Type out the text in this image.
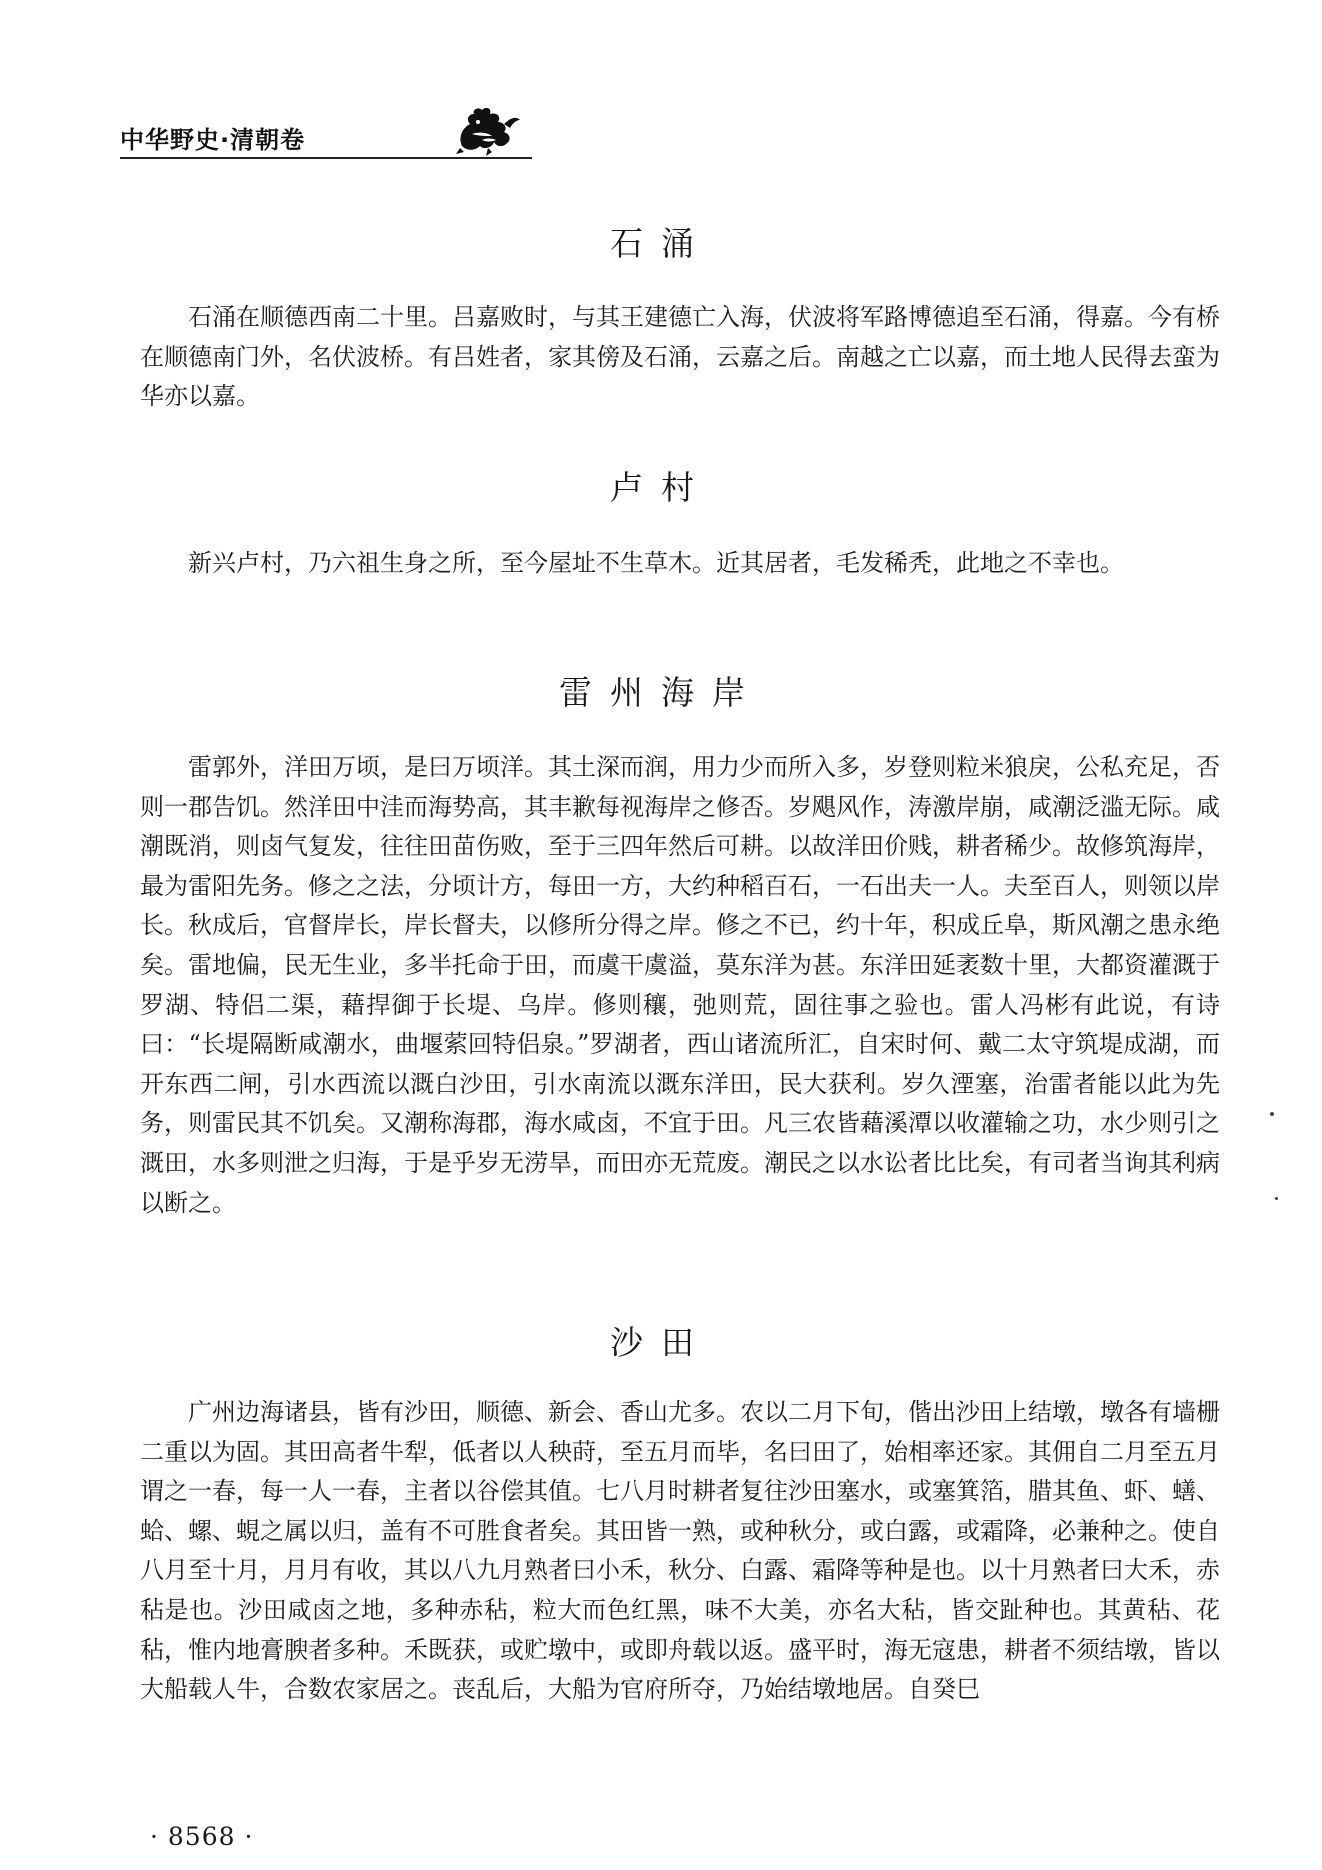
中华野史·清朝卷
石涌
石涌在顺德西南二十里。吕嘉败时，与其王建德亡入海，伏波将军路博德追至石涌，得嘉。今有桥在顺德南门外，名伏波桥。有吕姓者，家其傍及石涌，云嘉之后。南越之亡以嘉，而土地人民得去蛮为华亦以嘉。
卢村
新兴卢村，乃六祖生身之所，至今屋址不生草木。近其居者，毛发稀秃，此地之不幸也。
雷州海岸
雷郭外，洋田万顷，是曰万顷洋。其土深而润，用力少而所入多，岁登则粒米狼戾，公私充足，否则一郡告饥。然洋田中洼而海势高，其丰歉每视海岸之修否。岁飓风作，涛激岸崩，咸潮泛滥无际。咸潮既消，则卤气复发，往往田苗伤败，至于三四年然后可耕。以故洋田价贱，耕者稀少。故修筑海岸，最为雷阳先务。修之之法，分顷计方，每田一方，大约种稻百石，一石出夫一人。夫至百人，则领以岸长。秋成后，官督岸长，岸长督夫，以修所分得之岸。修之不已，约十年，积成丘阜，斯风潮之患永绝矣。雷地偏，民无生业，多半托命于田，而虞干虞溢，莫东洋为甚。东洋田延袤数十里，大都资灌溉于罗湖、特侣二渠，藉捍御于长堤、乌岸。修则穰，弛则荒，固往事之验也。雷人冯彬有此说，有诗曰：“长堤隔断咸潮水，曲堰萦回特侣泉。”罗湖者，西山诸流所汇，自宋时何、戴二太守筑堤成湖，而开东西二闸，引水西流以溉白沙田，引水南流以溉东洋田，民大获利。岁久湮塞，治雷者能以此为先务，则雷民其不饥矣。又潮称海郡，海水咸卤，不宜于田。凡三农皆藉溪潭以收灌输之功，水少则引之溉田，水多则泄之归海，于是乎岁无涝旱，而田亦无荒废。潮民之以水讼者比比矣，有司者当询其利病以断之。
沙田
广州边海诸县，皆有沙田，顺德、新会、香山尤多。农以二月下旬，偕出沙田上结墩，墩各有墙栅二重以为固。其田高者牛犁，低者以人秧莳，至五月而毕，名曰田了，始相率还家。其佣自二月至五月谓之一春，每一人一春，主者以谷偿其值。七八月时耕者复往沙田塞水，或塞箕箔，腊其鱼、虾、蟮、蛤、螺、蜆之属以归，盖有不可胜食者矣。其田皆一熟，或种秋分，或白露，或霜降，必兼种之。使自八月至十月，月月有收，其以八九月熟者曰小禾，秋分、白露、霜降等种是也。以十月熟者曰大禾，赤秥是也。沙田咸卤之地，多种赤秥，粒大而色红黑，味不大美，亦名大秥，皆交趾种也。其黄秥、花秥，惟内地膏腴者多种。禾既获，或贮墩中，或即舟载以返。盛平时，海无寇患，耕者不须结墩，皆以大船载人牛，合数农家居之。丧乱后，大船为官府所夺，乃始结墩地居。自癸巳
· 8568 ·
